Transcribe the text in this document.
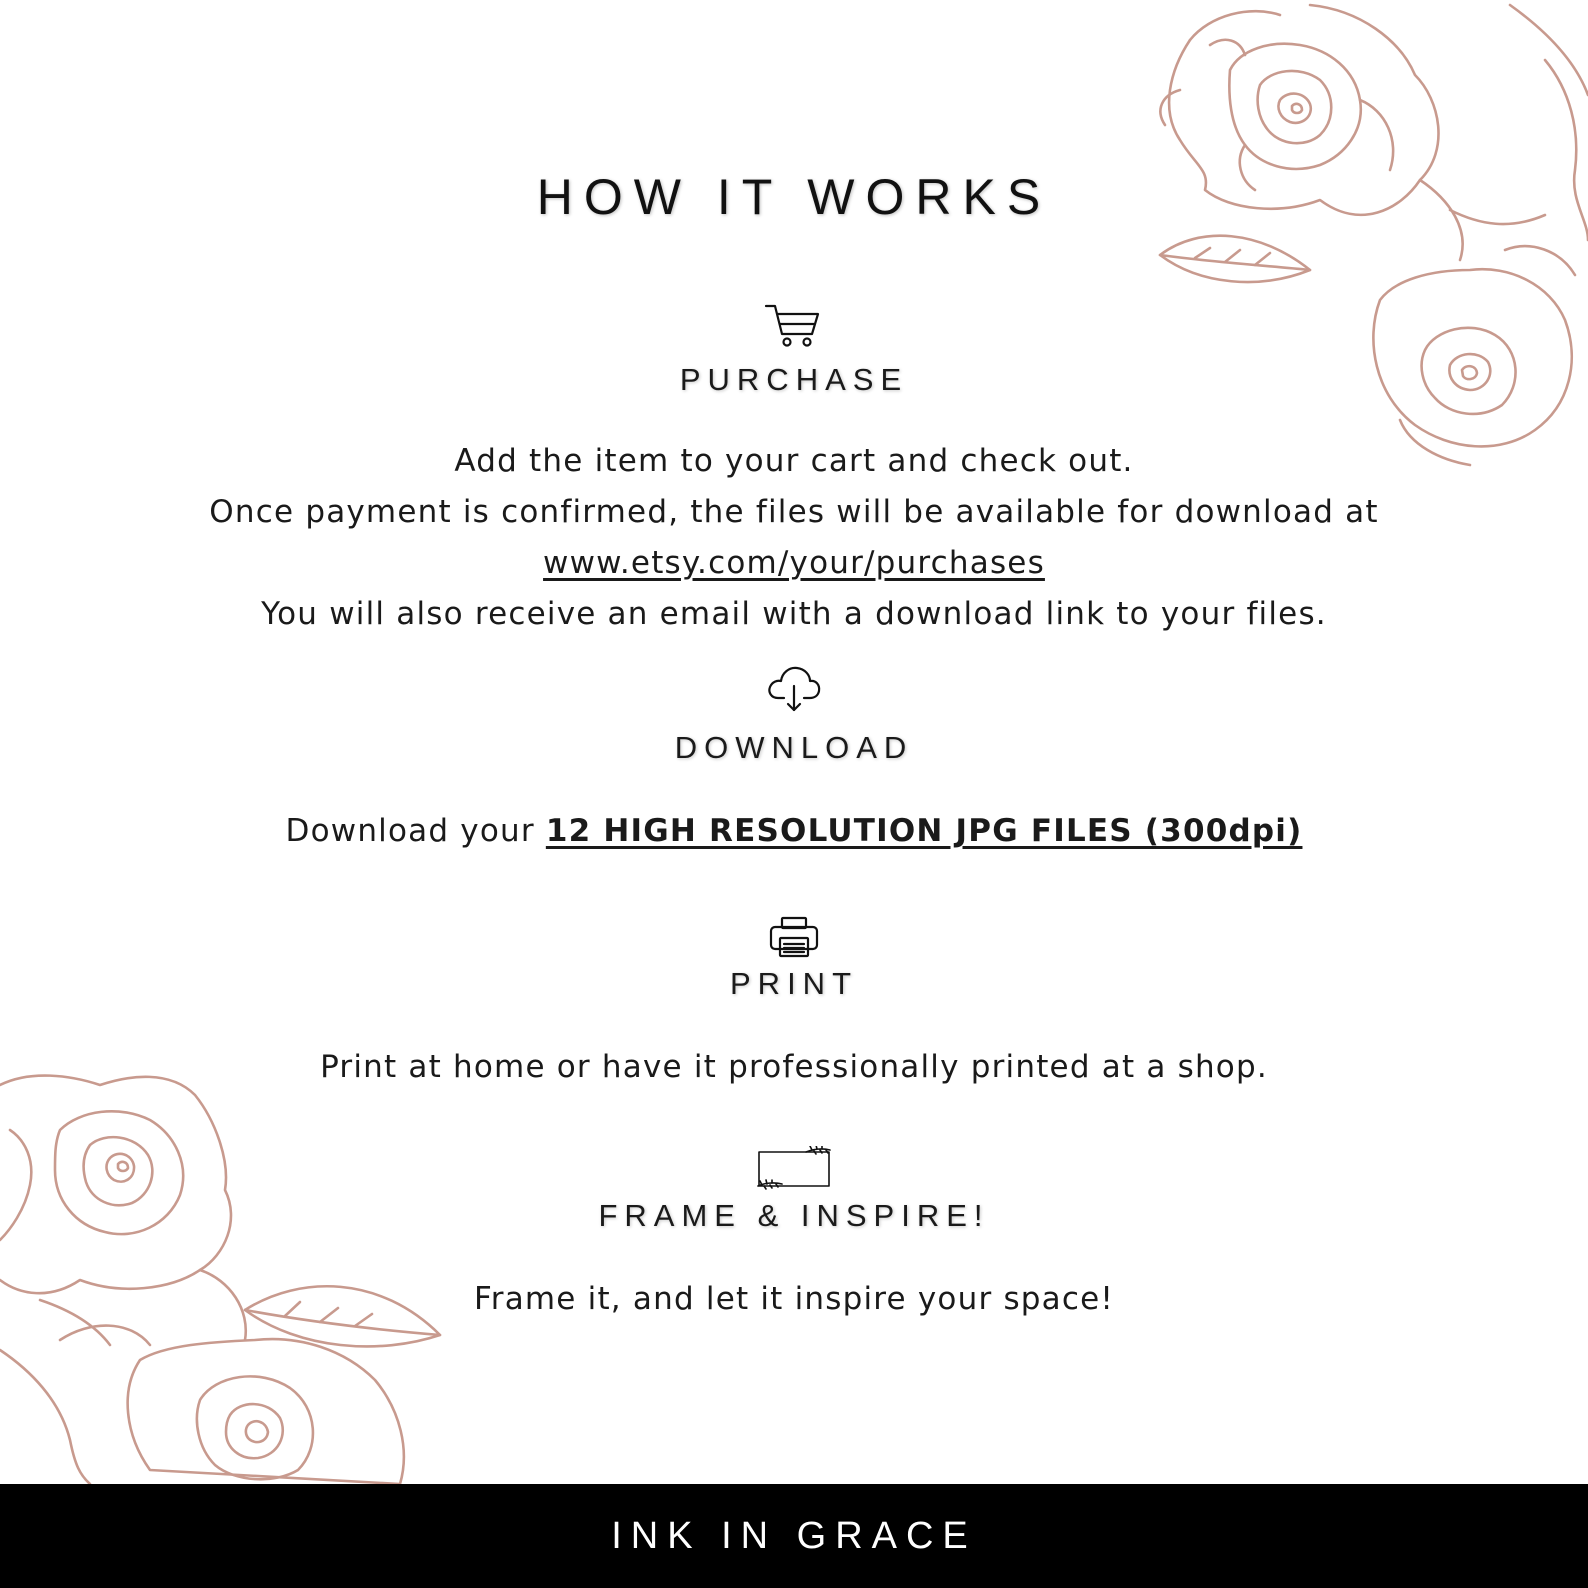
HOW IT WORKS
PURCHASE
Add the item to your cart and check out.
Once payment is confirmed, the files will be available for download at
www.etsy.com/your/purchases
You will also receive an email with a download link to your files.
DOWNLOAD
Download your 12 HIGH RESOLUTION JPG FILES (300dpi)
PRINT
Print at home or have it professionally printed at a shop.
FRAME & INSPIRE!
Frame it, and let it inspire your space!
INK IN GRACE
